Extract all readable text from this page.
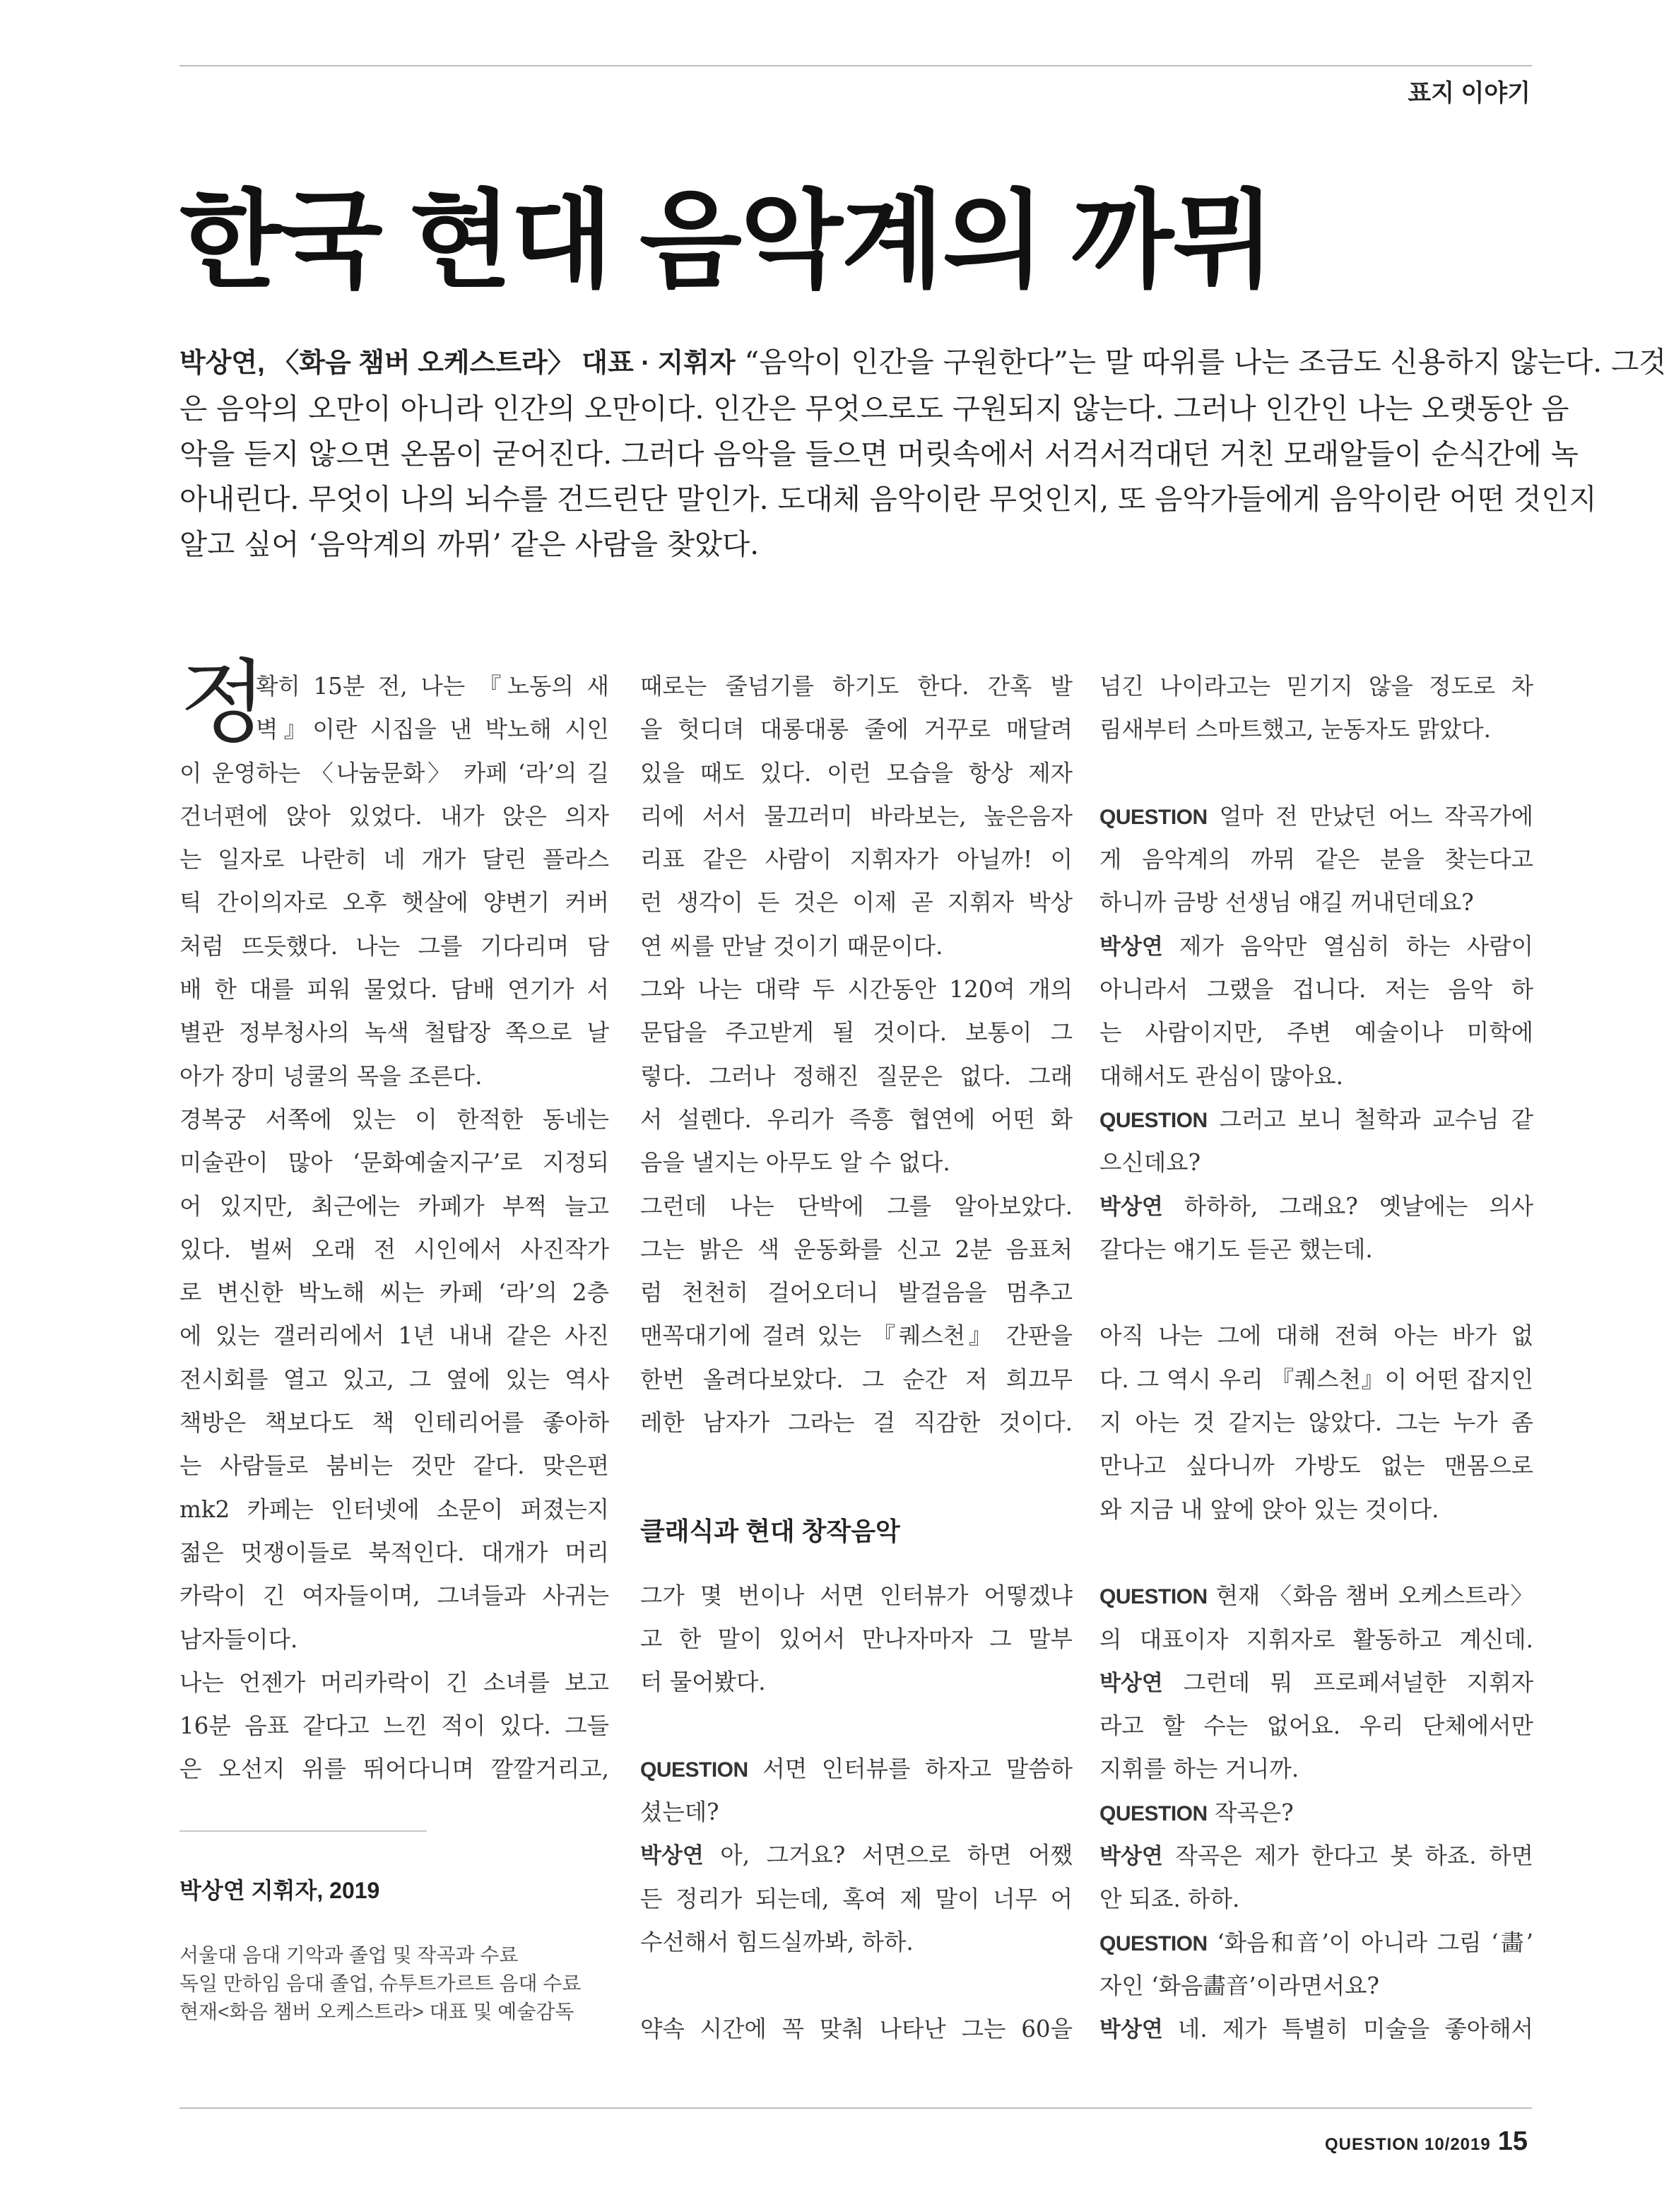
표지 이야기
한국 현대 음악계의 까뮈

박상연, 〈화음 챔버 오케스트라〉 대표 · 지휘자 “음악이 인간을 구원한다”는 말 따위를 나는 조금도 신용하지 않는다. 그것

은 음악의 오만이 아니라 인간의 오만이다. 인간은 무엇으로도 구원되지 않는다. 그러나 인간인 나는 오랫동안 음

악을 듣지 않으면 온몸이 굳어진다. 그러다 음악을 들으면 머릿속에서 서걱서걱대던 거친 모래알들이 순식간에 녹

아내린다. 무엇이 나의 뇌수를 건드린단 말인가. 도대체 음악이란 무엇인지, 또 음악가들에게 음악이란 어떤 것인지

알고 싶어 ‘음악계의 까뮈’ 같은 사람을 찾았다.

정
확히 15분 전, 나는 『노동의 새
벽』이란 시집을 낸 박노해 시인
이 운영하는 〈나눔문화〉 카페 ‘라’의 길
건너편에 앉아 있었다. 내가 앉은 의자
는 일자로 나란히 네 개가 달린 플라스
틱 간이의자로 오후 햇살에 양변기 커버
처럼 뜨듯했다. 나는 그를 기다리며 담
배 한 대를 피워 물었다. 담배 연기가 서
별관 정부청사의 녹색 철탑장 쪽으로 날
아가 장미 넝쿨의 목을 조른다.
경복궁 서쪽에 있는 이 한적한 동네는
미술관이 많아 ‘문화예술지구’로 지정되
어 있지만, 최근에는 카페가 부쩍 늘고
있다. 벌써 오래 전 시인에서 사진작가
로 변신한 박노해 씨는 카페 ‘라’의 2층
에 있는 갤러리에서 1년 내내 같은 사진
전시회를 열고 있고, 그 옆에 있는 역사
책방은 책보다도 책 인테리어를 좋아하
는 사람들로 붐비는 것만 같다. 맞은편
mk2 카페는 인터넷에 소문이 퍼졌는지
젊은 멋쟁이들로 북적인다. 대개가 머리
카락이 긴 여자들이며, 그녀들과 사귀는
남자들이다.
나는 언젠가 머리카락이 긴 소녀를 보고
16분 음표 같다고 느낀 적이 있다. 그들
은 오선지 위를 뛰어다니며 깔깔거리고,
박상연 지휘자, 2019
서울대 음대 기악과 졸업 및 작곡과 수료
독일 만하임 음대 졸업, 슈투트가르트 음대 수료
현재<화음 챔버 오케스트라> 대표 및 예술감독
때로는 줄넘기를 하기도 한다. 간혹 발
을 헛디뎌 대롱대롱 줄에 거꾸로 매달려
있을 때도 있다. 이런 모습을 항상 제자
리에 서서 물끄러미 바라보는, 높은음자
리표 같은 사람이 지휘자가 아닐까! 이
런 생각이 든 것은 이제 곧 지휘자 박상
연 씨를 만날 것이기 때문이다.
그와 나는 대략 두 시간동안 120여 개의
문답을 주고받게 될 것이다. 보통이 그
렇다. 그러나 정해진 질문은 없다. 그래
서 설렌다. 우리가 즉흥 협연에 어떤 화
음을 낼지는 아무도 알 수 없다.
그런데 나는 단박에 그를 알아보았다.
그는 밝은 색 운동화를 신고 2분 음표처
럼 천천히 걸어오더니 발걸음을 멈추고
맨꼭대기에 걸려 있는 『퀘스천』 간판을
한번 올려다보았다. 그 순간 저 희끄무
레한 남자가 그라는 걸 직감한 것이다.
클래식과 현대 창작음악
그가 몇 번이나 서면 인터뷰가 어떻겠냐
고 한 말이 있어서 만나자마자 그 말부
터 물어봤다.
QUESTION 서면 인터뷰를 하자고 말씀하
셨는데?
박상연 아, 그거요? 서면으로 하면 어쨌
든 정리가 되는데, 혹여 제 말이 너무 어
수선해서 힘드실까봐, 하하.
약속 시간에 꼭 맞춰 나타난 그는 60을
넘긴 나이라고는 믿기지 않을 정도로 차
림새부터 스마트했고, 눈동자도 맑았다.
QUESTION 얼마 전 만났던 어느 작곡가에
게 음악계의 까뮈 같은 분을 찾는다고
하니까 금방 선생님 얘길 꺼내던데요?
박상연 제가 음악만 열심히 하는 사람이
아니라서 그랬을 겁니다. 저는 음악 하
는 사람이지만, 주변 예술이나 미학에
대해서도 관심이 많아요.
QUESTION 그러고 보니 철학과 교수님 같
으신데요?
박상연 하하하, 그래요? 옛날에는 의사
갈다는 얘기도 듣곤 했는데.
아직 나는 그에 대해 전혀 아는 바가 없
다. 그 역시 우리 『퀘스천』이 어떤 잡지인
지 아는 것 같지는 않았다. 그는 누가 좀
만나고 싶다니까 가방도 없는 맨몸으로
와 지금 내 앞에 앉아 있는 것이다.
QUESTION 현재 〈화음 챔버 오케스트라〉
의 대표이자 지휘자로 활동하고 계신데.
박상연 그런데 뭐 프로페셔널한 지휘자
라고 할 수는 없어요. 우리 단체에서만
지휘를 하는 거니까.
QUESTION 작곡은?
박상연 작곡은 제가 한다고 봇 하죠. 하면
안 되죠. 하하.
QUESTION ‘화음和音’이 아니라 그림 ‘畵’
자인 ‘화음畵音’이라면서요?
박상연 네. 제가 특별히 미술을 좋아해서
QUESTION 10/2019 15
